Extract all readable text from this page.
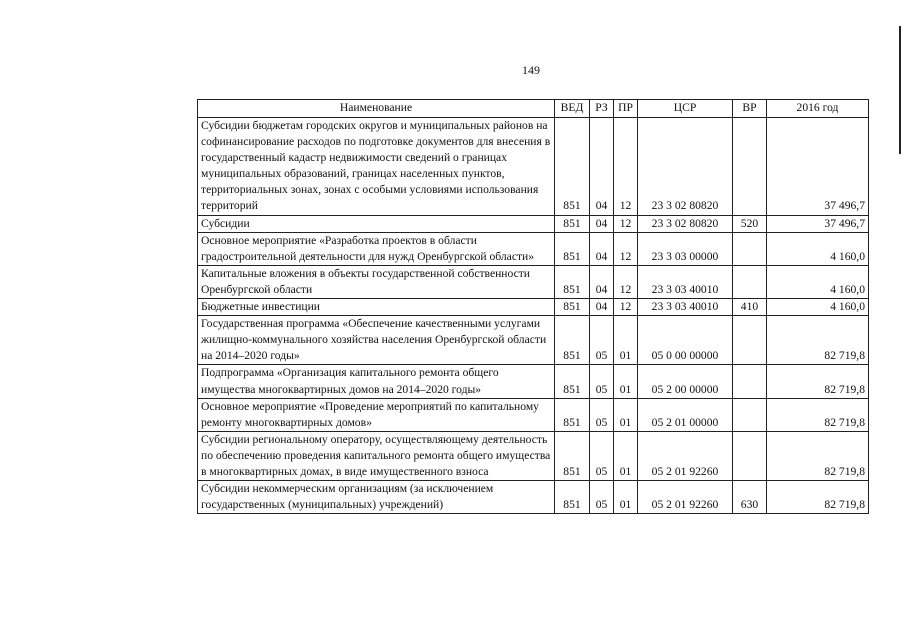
149
Наименование	ВЕД	РЗ	ПР	ЦСР	ВР	2016 год
Субсидии бюджетам городских округов и муниципальных районов на софинансирование расходов по подготовке документов для внесения в государственный кадастр недвижимости сведений о границах муниципальных образований, границах населенных пунктов, территориальных зонах, зонах с особыми условиями использования территорий	851	04	12	23 3 02 80820		37 496,7
Субсидии	851	04	12	23 3 02 80820	520	37 496,7
Основное мероприятие «Разработка проектов в области градостроительной деятельности для нужд Оренбургской области»	851	04	12	23 3 03 00000		4 160,0
Капитальные вложения в объекты государственной собственности Оренбургской области	851	04	12	23 3 03 40010		4 160,0
Бюджетные инвестиции	851	04	12	23 3 03 40010	410	4 160,0
Государственная программа «Обеспечение качественными услугами жилищно-коммунального хозяйства населения Оренбургской области на 2014–2020 годы»	851	05	01	05 0 00 00000		82 719,8
Подпрограмма «Организация капитального ремонта общего имущества многоквартирных домов на 2014–2020 годы»	851	05	01	05 2 00 00000		82 719,8
Основное мероприятие «Проведение мероприятий по капитальному ремонту многоквартирных домов»	851	05	01	05 2 01 00000		82 719,8
Субсидии региональному оператору, осуществляющему деятельность по обеспечению проведения капитального ремонта общего имущества в многоквартирных домах, в виде имущественного взноса	851	05	01	05 2 01 92260		82 719,8
Субсидии некоммерческим организациям (за исключением государственных (муниципальных) учреждений)	851	05	01	05 2 01 92260	630	82 719,8
